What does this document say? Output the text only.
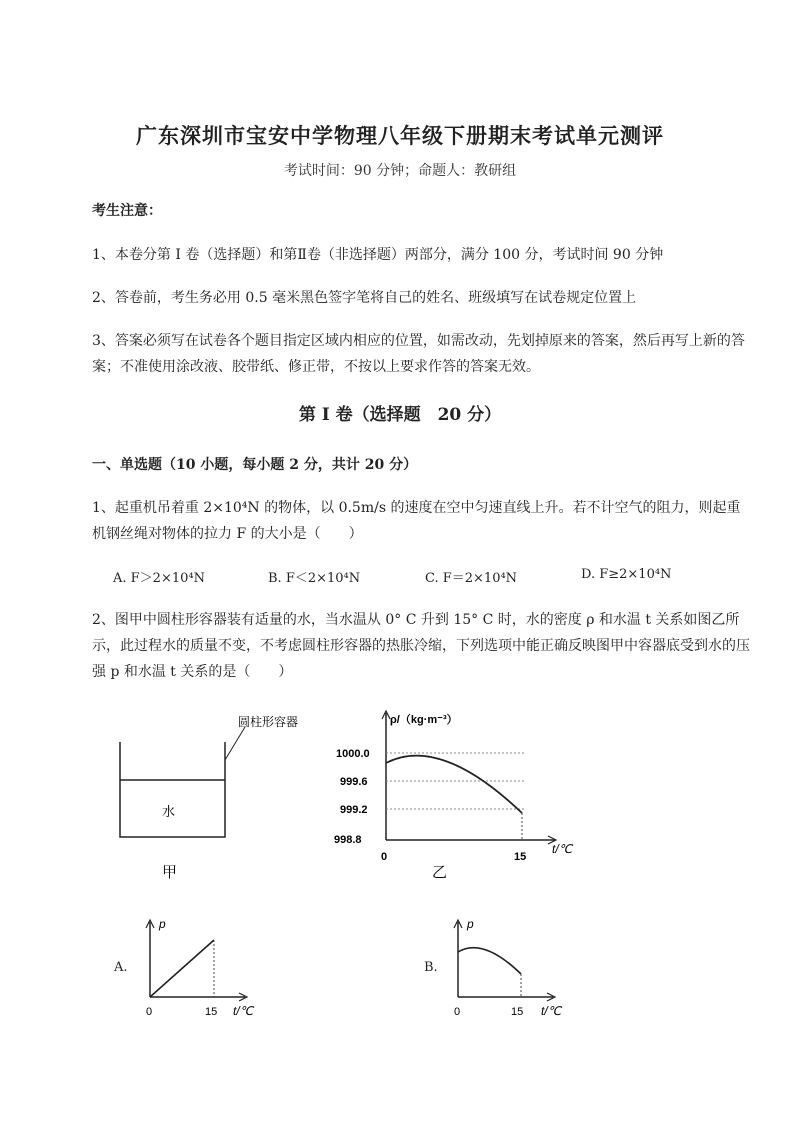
广东深圳市宝安中学物理八年级下册期末考试单元测评
考试时间：90 分钟；命题人：教研组
考生注意：
1、本卷分第 I 卷（选择题）和第Ⅱ卷（非选择题）两部分，满分 100 分，考试时间 90 分钟
2、答卷前，考生务必用 0.5 毫米黑色签字笔将自己的姓名、班级填写在试卷规定位置上
3、答案必须写在试卷各个题目指定区域内相应的位置，如需改动，先划掉原来的答案，然后再写上新的答案；不准使用涂改液、胶带纸、修正带，不按以上要求作答的答案无效。
第 I 卷（选择题　20 分）
一、单选题（10 小题，每小题 2 分，共计 20 分）
1、起重机吊着重 2×10⁴N 的物体，以 0.5m/s 的速度在空中匀速直线上升。若不计空气的阻力，则起重机钢丝绳对物体的拉力 F 的大小是（　　）
A. F＞2×10⁴N	B. F＜2×10⁴N	C. F＝2×10⁴N	D. F≥2×10⁴N
2、图甲中圆柱形容器装有适量的水，当水温从 0° C 升到 15° C 时，水的密度 ρ 和水温 t 关系如图乙所示，此过程水的质量不变，不考虑圆柱形容器的热胀冷缩，下列选项中能正确反映图甲中容器底受到水的压强 p 和水温 t 关系的是（　　）
圆柱形容器
水
甲
ρ/（kg·m⁻³）
1000.0
999.6
999.2
998.8
0	15
t/℃
乙
A.
p
0	15 t/℃
B.
p
0	15 t/℃
